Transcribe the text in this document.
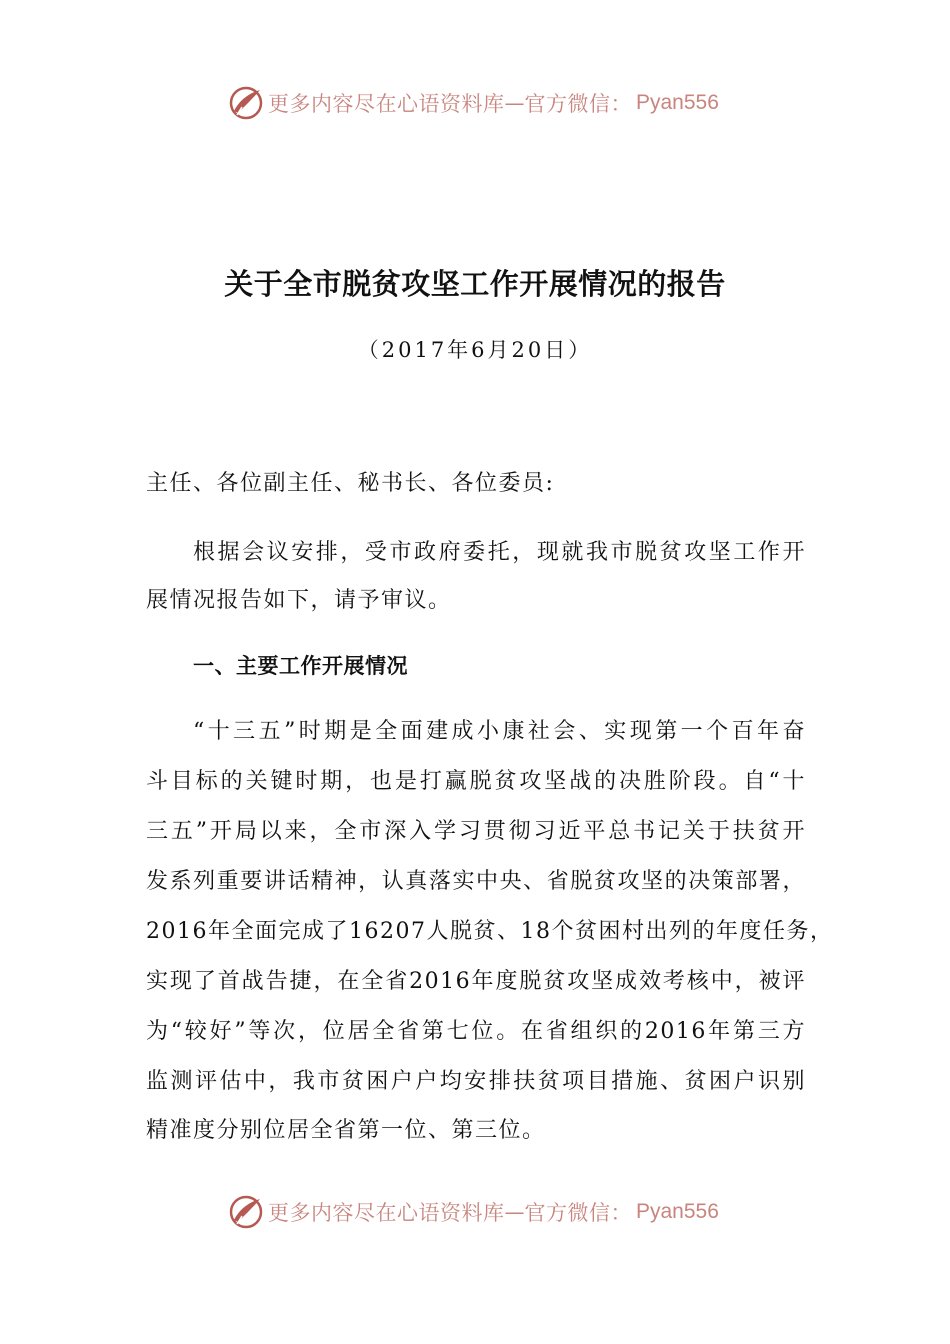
更多内容尽在心语资料库 — 官方微信： Pyan556
关于全市脱贫攻坚工作开展情况的报告
（2017年6月20日）
主任、各位副主任、秘书长、各位委员:
根据会议安排，受市政府委托，现就我市脱贫攻坚工作开
展情况报告如下，请予审议。
一、主要工作开展情况
“十三五”时期是全面建成小康社会、实现第一个百年奋
斗目标的关键时期，也是打赢脱贫攻坚战的决胜阶段。自“十
三五”开局以来，全市深入学习贯彻习近平总书记关于扶贫开
发系列重要讲话精神，认真落实中央、省脱贫攻坚的决策部署，
2016年全面完成了16207人脱贫、18个贫困村出列的年度任务，
实现了首战告捷，在全省2016年度脱贫攻坚成效考核中，被评
为“较好”等次，位居全省第七位。在省组织的2016年第三方
监测评估中，我市贫困户户均安排扶贫项目措施、贫困户识别
精准度分别位居全省第一位、第三位。
更多内容尽在心语资料库 — 官方微信： Pyan556
